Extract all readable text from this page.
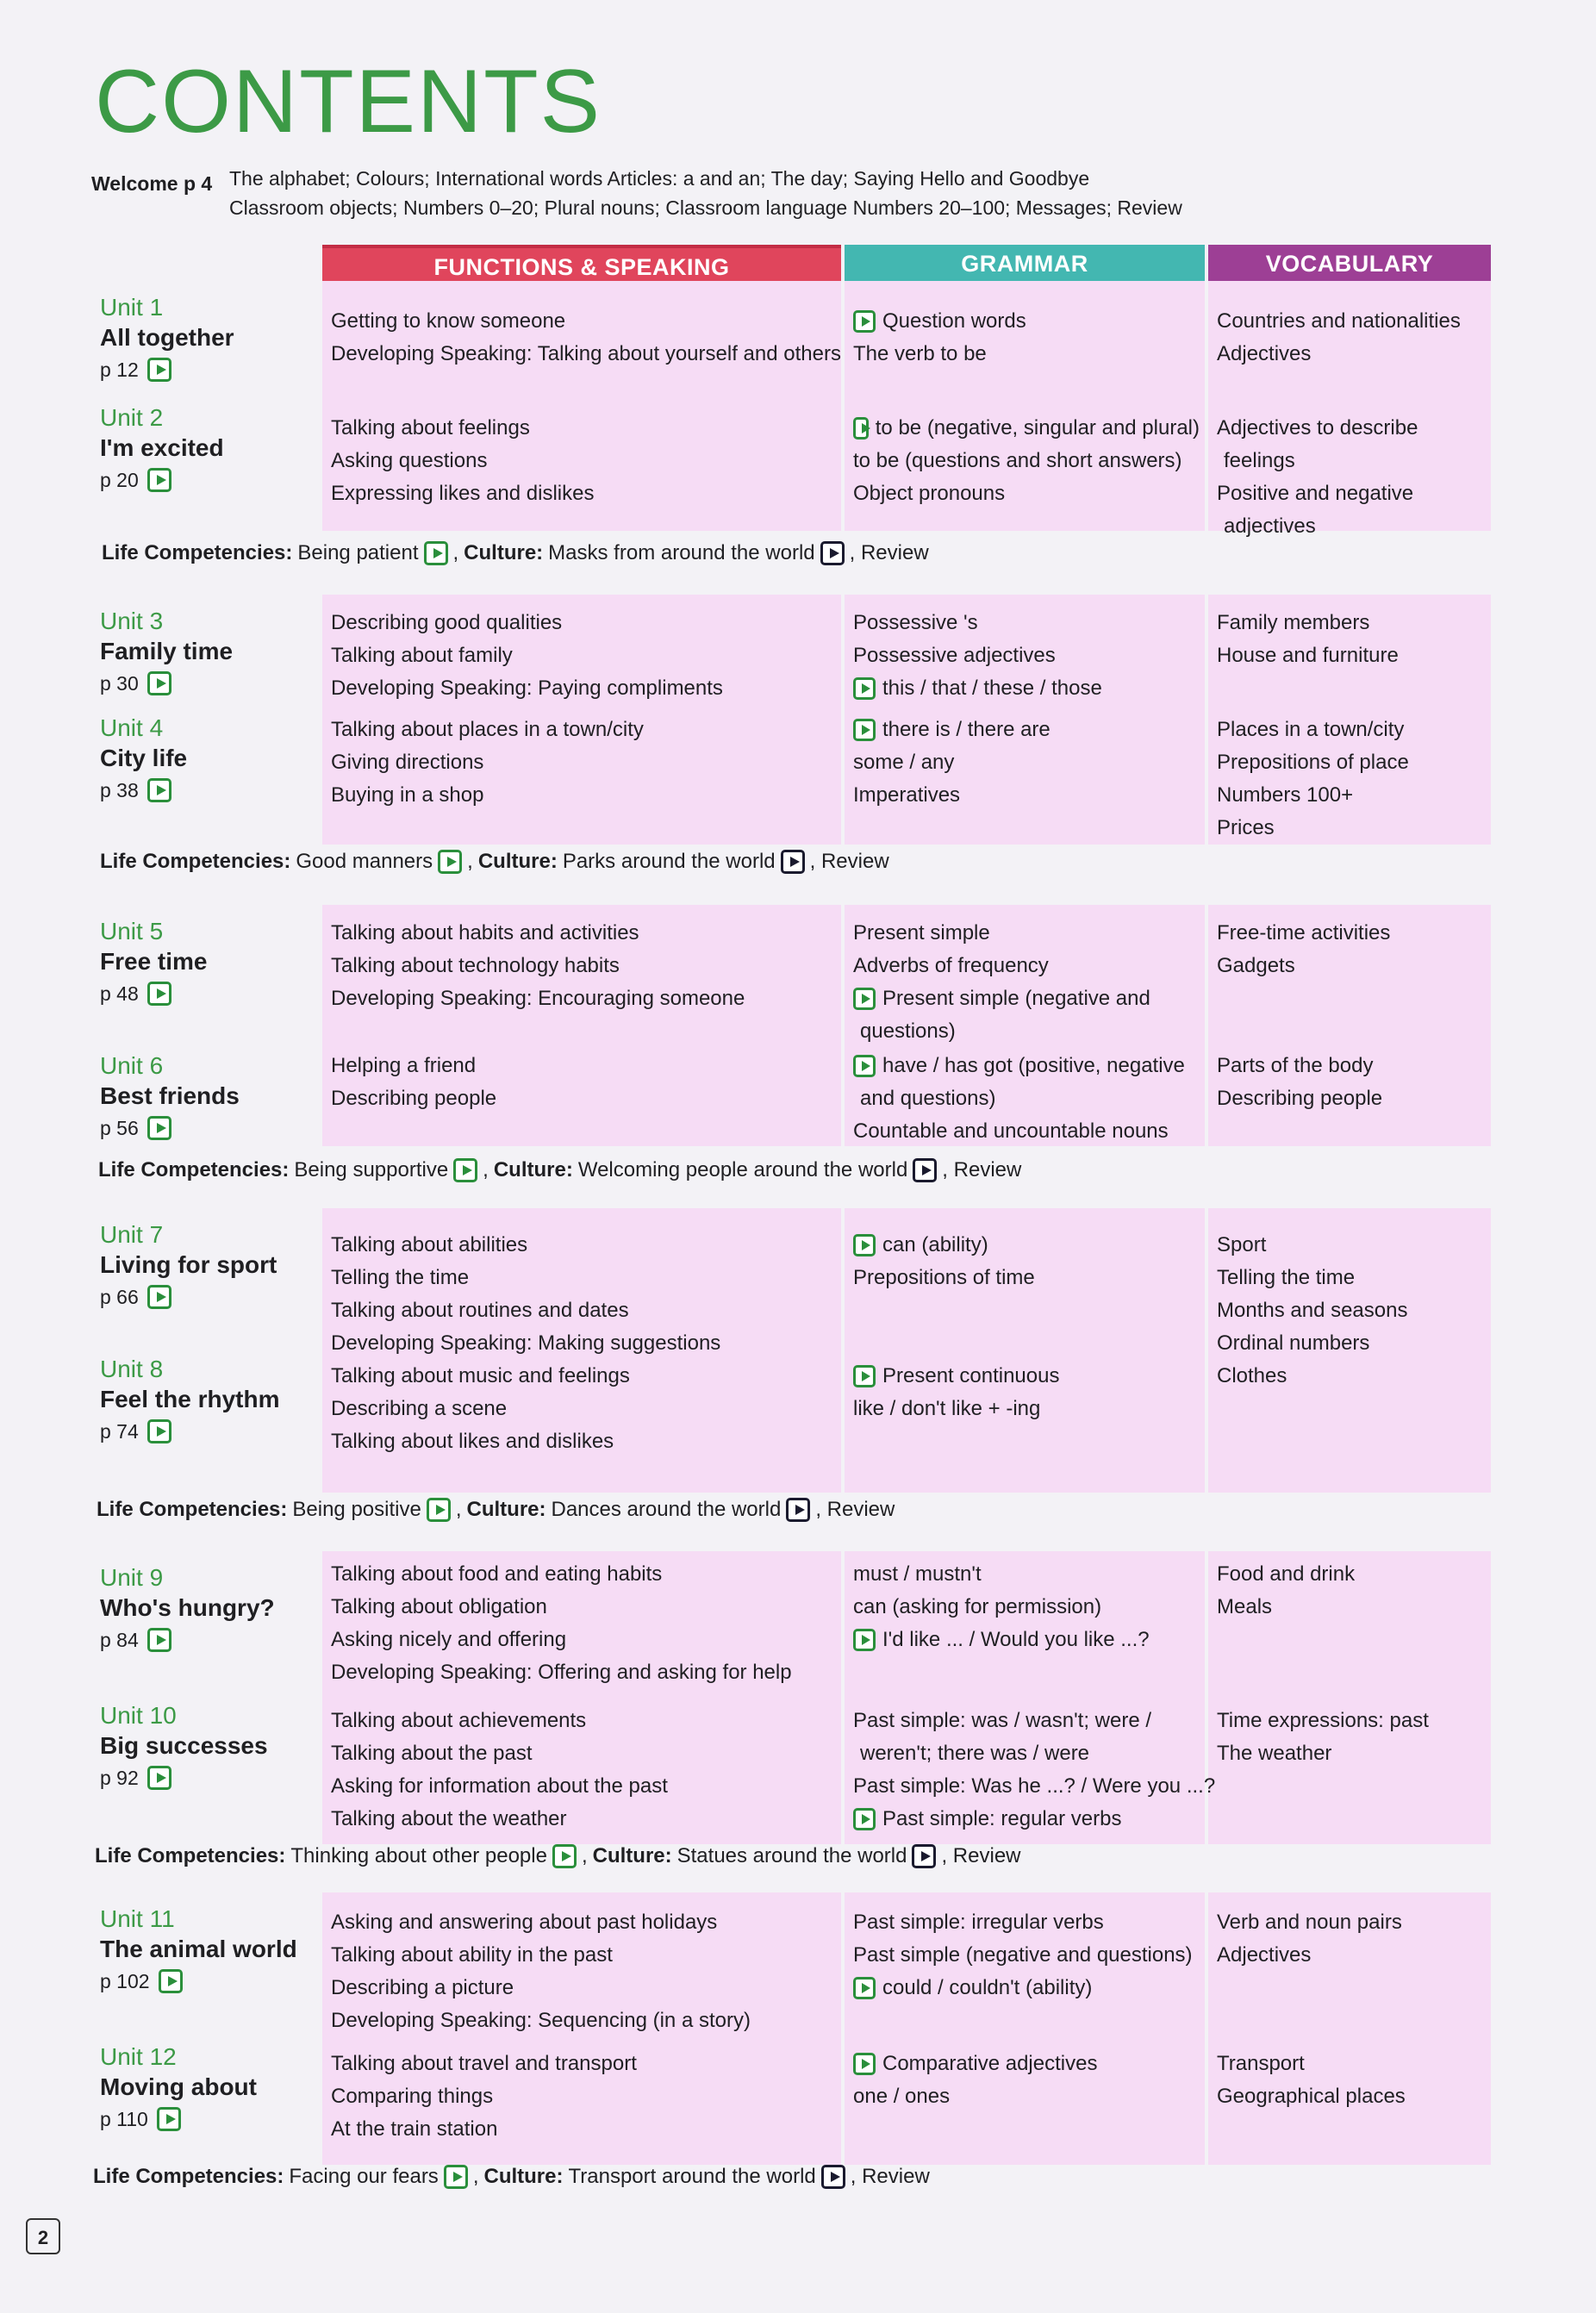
CONTENTS
Welcome p 4 The alphabet; Colours; International words Articles: a and an; The day; Saying Hello and Goodbye
Classroom objects; Numbers 0–20; Plural nouns; Classroom language Numbers 20–100; Messages; Review
FUNCTIONS & SPEAKING	GRAMMAR	VOCABULARY
Unit 1
All together
p 12
Getting to know someone
Developing Speaking: Talking about yourself and others
Question words
The verb to be
Countries and nationalities
Adjectives
Unit 2
I'm excited
p 20
Talking about feelings
Asking questions
Expressing likes and dislikes
to be (negative, singular and plural)
to be (questions and short answers)
Object pronouns
Adjectives to describe
feelings
Positive and negative
adjectives
Unit 3
Family time
p 30
Describing good qualities
Talking about family
Developing Speaking: Paying compliments
Possessive 's
Possessive adjectives
this / that / these / those
Family members
House and furniture
Unit 4
City life
p 38
Talking about places in a town/city
Giving directions
Buying in a shop
there is / there are
some / any
Imperatives
Places in a town/city
Prepositions of place
Numbers 100+
Prices
Unit 5
Free time
p 48
Talking about habits and activities
Talking about technology habits
Developing Speaking: Encouraging someone
Present simple
Adverbs of frequency
Present simple (negative and
questions)
Free-time activities
Gadgets
Unit 6
Best friends
p 56
Helping a friend
Describing people
have / has got (positive, negative
and questions)
Countable and uncountable nouns
Parts of the body
Describing people
Unit 7
Living for sport
p 66
Talking about abilities
Telling the time
Talking about routines and dates
Developing Speaking: Making suggestions
can (ability)
Prepositions of time
Sport
Telling the time
Months and seasons
Ordinal numbers
Unit 8
Feel the rhythm
p 74
Talking about music and feelings
Describing a scene
Talking about likes and dislikes
Present continuous
like / don't like + -ing
Clothes
Unit 9
Who's hungry?
p 84
Talking about food and eating habits
Talking about obligation
Asking nicely and offering
Developing Speaking: Offering and asking for help
must / mustn't
can (asking for permission)
I'd like ... / Would you like ...?
Food and drink
Meals
Unit 10
Big successes
p 92
Talking about achievements
Talking about the past
Asking for information about the past
Talking about the weather
Past simple: was / wasn't; were /
weren't; there was / were
Past simple: Was he ...? / Were you ...?
Past simple: regular verbs
Time expressions: past
The weather
Unit 11
The animal world
p 102
Asking and answering about past holidays
Talking about ability in the past
Describing a picture
Developing Speaking: Sequencing (in a story)
Past simple: irregular verbs
Past simple (negative and questions)
could / couldn't (ability)
Verb and noun pairs
Adjectives
Unit 12
Moving about
p 110
Talking about travel and transport
Comparing things
At the train station
Comparative adjectives
one / ones
Transport
Geographical places
Life Competencies: Being patient , Culture: Masks from around the world , Review
Life Competencies: Good manners , Culture: Parks around the world , Review
Life Competencies: Being supportive , Culture: Welcoming people around the world , Review
Life Competencies: Being positive , Culture: Dances around the world , Review
Life Competencies: Thinking about other people , Culture: Statues around the world , Review
Life Competencies: Facing our fears , Culture: Transport around the world , Review
2
